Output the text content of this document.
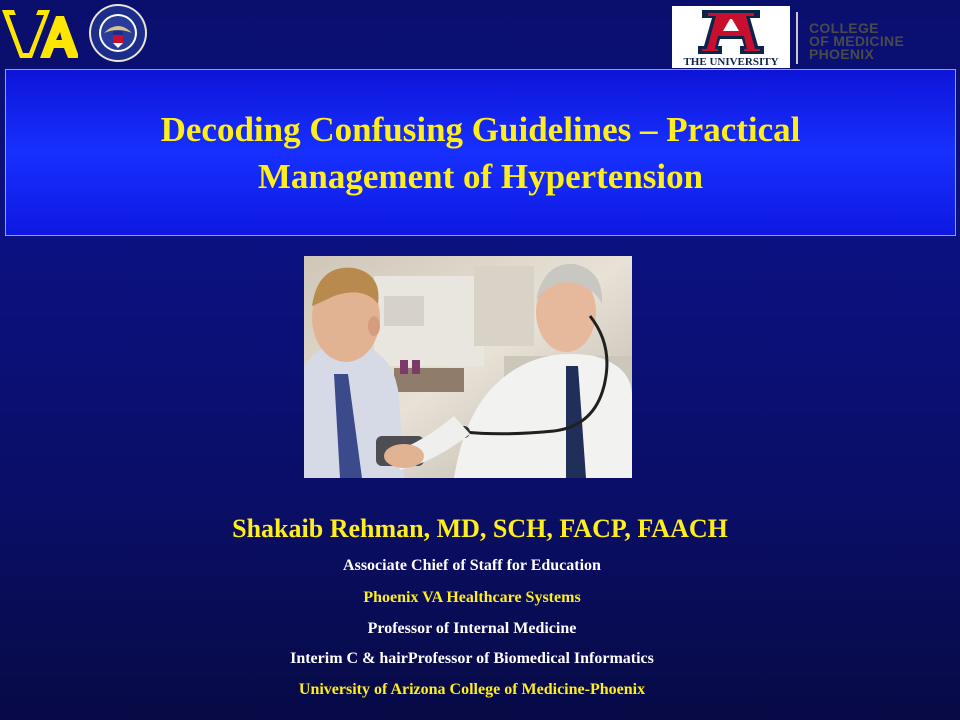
THE UNIVERSITY
COLLEGE
OF MEDICINE
PHOENIX
Decoding Confusing Guidelines – Practical
Management of Hypertension
Shakaib Rehman, MD, SCH, FACP, FAACH
Associate Chief of Staff for Education
Phoenix VA Healthcare Systems
Professor of Internal Medicine
Interim C & hairProfessor of Biomedical Informatics
University of Arizona College of Medicine-Phoenix
